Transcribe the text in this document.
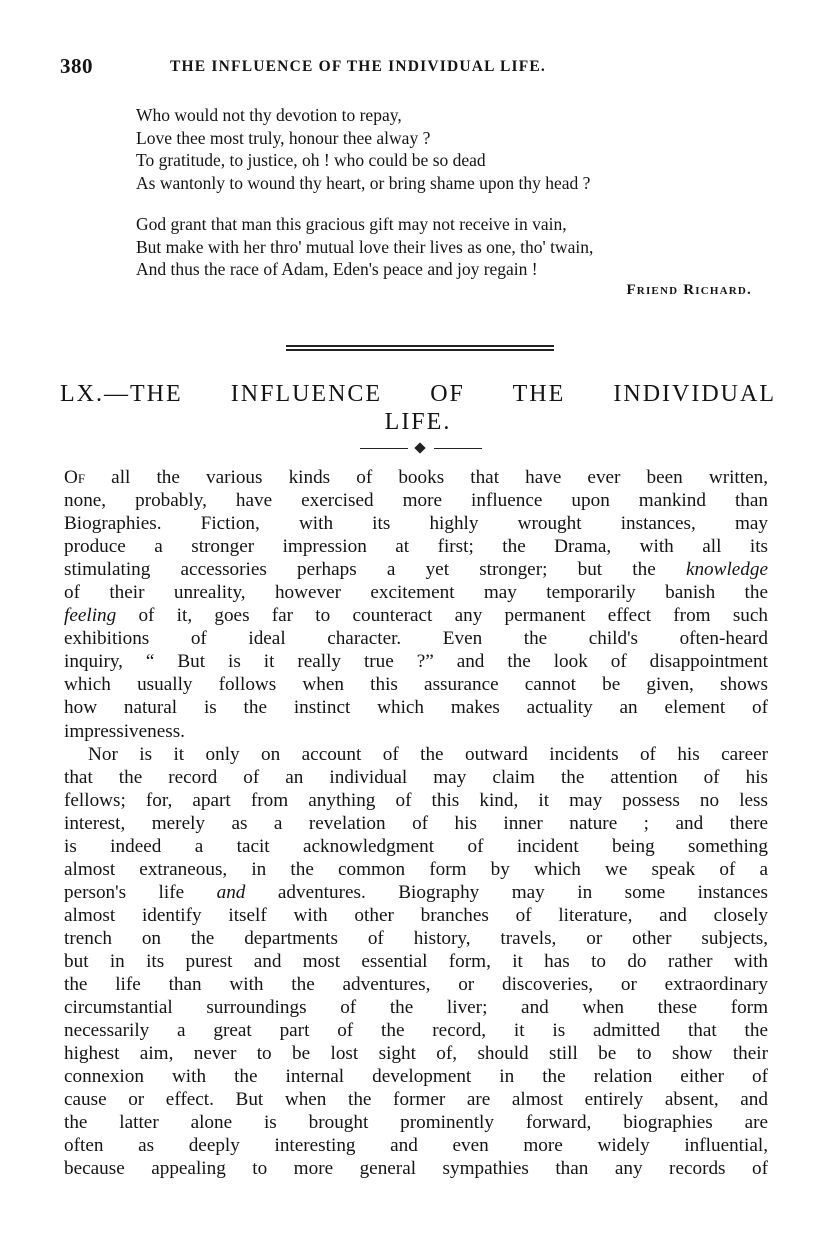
380	THE INFLUENCE OF THE INDIVIDUAL LIFE.
Who would not thy devotion to repay,
Love thee most truly, honour thee alway ?
To gratitude, to justice, oh ! who could be so dead
As wantonly to wound thy heart, or bring shame upon thy head ?
God grant that man this gracious gift may not receive in vain,
But make with her thro' mutual love their lives as one, tho' twain,
And thus the race of Adam, Eden's peace and joy regain !
Friend Richard.
LX.—THE INFLUENCE OF THE INDIVIDUAL
LIFE.
Of all the various kinds of books that have ever been written,
none, probably, have exercised more influence upon mankind than
Biographies. Fiction, with its highly wrought instances, may
produce a stronger impression at first; the Drama, with all its
stimulating accessories perhaps a yet stronger; but the knowledge
of their unreality, however excitement may temporarily banish the
feeling of it, goes far to counteract any permanent effect from such
exhibitions of ideal character. Even the child's often-heard
inquiry, “ But is it really true ?” and the look of disappointment
which usually follows when this assurance cannot be given, shows
how natural is the instinct which makes actuality an element of
impressiveness.
Nor is it only on account of the outward incidents of his career
that the record of an individual may claim the attention of his
fellows; for, apart from anything of this kind, it may possess no less
interest, merely as a revelation of his inner nature ; and there
is indeed a tacit acknowledgment of incident being something
almost extraneous, in the common form by which we speak of a
person's life and adventures. Biography may in some instances
almost identify itself with other branches of literature, and closely
trench on the departments of history, travels, or other subjects,
but in its purest and most essential form, it has to do rather with
the life than with the adventures, or discoveries, or extraordinary
circumstantial surroundings of the liver; and when these form
necessarily a great part of the record, it is admitted that the
highest aim, never to be lost sight of, should still be to show their
connexion with the internal development in the relation either of
cause or effect. But when the former are almost entirely absent, and
the latter alone is brought prominently forward, biographies are
often as deeply interesting and even more widely influential,
because appealing to more general sympathies than any records of
